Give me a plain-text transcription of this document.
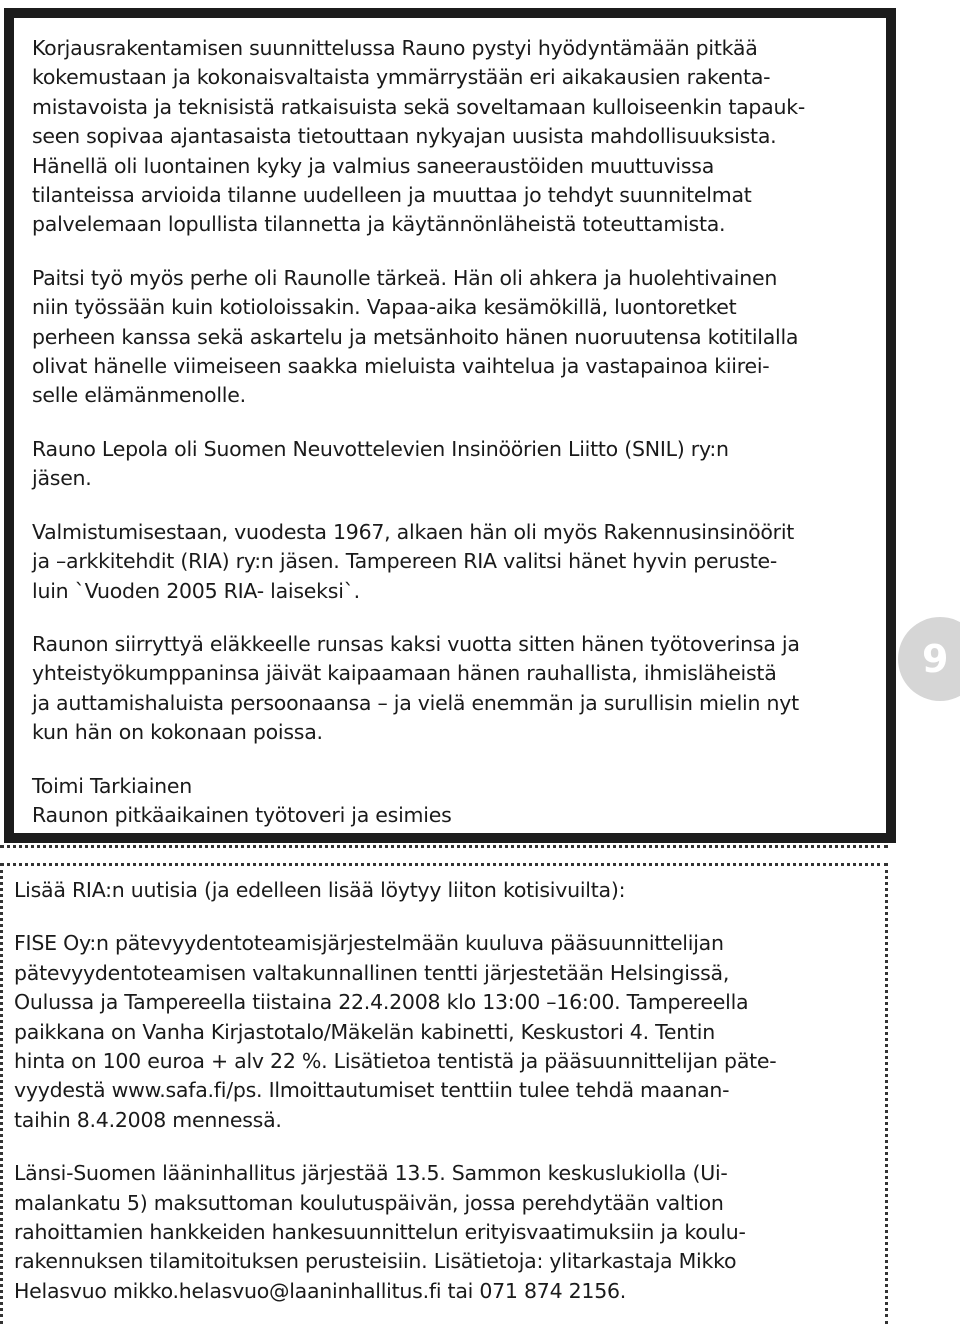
Korjausrakentamisen suunnittelussa Rauno pystyi hyödyntämään pitkää
kokemustaan ja kokonaisvaltaista ymmärrystään eri aikakausien rakenta-
mistavoista ja teknisistä ratkaisuista sekä soveltamaan kulloiseenkin tapauk-
seen sopivaa ajantasaista tietouttaan nykyajan uusista mahdollisuuksista.
Hänellä oli luontainen kyky ja valmius saneeraustöiden muuttuvissa
tilanteissa arvioida tilanne uudelleen ja muuttaa jo tehdyt suunnitelmat
palvelemaan lopullista tilannetta ja käytännönläheistä toteuttamista.

Paitsi työ myös perhe oli Raunolle tärkeä. Hän oli ahkera ja huolehtivainen
niin työssään kuin kotioloissakin. Vapaa-aika kesämökillä, luontoretket
perheen kanssa sekä askartelu ja metsänhoito hänen nuoruutensa kotitilalla
olivat hänelle viimeiseen saakka mieluista vaihtelua ja vastapainoa kiirei-
selle elämänmenolle.

Rauno Lepola oli Suomen Neuvottelevien Insinöörien Liitto (SNIL) ry:n
jäsen.

Valmistumisestaan, vuodesta 1967, alkaen hän oli myös Rakennusinsinöörit
ja –arkkitehdit (RIA) ry:n jäsen. Tampereen RIA valitsi hänet hyvin peruste-
luin `Vuoden 2005 RIA- laiseksi`.

Raunon siirryttyä eläkkeelle runsas kaksi vuotta sitten hänen työtoverinsa ja
yhteistyökumppaninsa jäivät kaipaamaan hänen rauhallista, ihmisläheistä
ja auttamishaluista persoonaansa – ja vielä enemmän ja surullisin mielin nyt
kun hän on kokonaan poissa.

Toimi Tarkiainen
Raunon pitkäaikainen työtoveri ja esimies

9

Lisää RIA:n uutisia (ja edelleen lisää löytyy liiton kotisivuilta):

FISE Oy:n pätevyydentoteamisjärjestelmään kuuluva pääsuunnittelijan
pätevyydentoteamisen valtakunnallinen tentti järjestetään Helsingissä,
Oulussa ja Tampereella tiistaina 22.4.2008 klo 13:00 –16:00. Tampereella
paikkana on Vanha Kirjastotalo/Mäkelän kabinetti, Keskustori 4. Tentin
hinta on 100 euroa + alv 22 %. Lisätietoa tentistä ja pääsuunnittelijan päte-
vyydestä www.safa.fi/ps. Ilmoittautumiset tenttiin tulee tehdä maanan-
taihin 8.4.2008 mennessä.

Länsi-Suomen lääninhallitus järjestää 13.5. Sammon keskuslukiolla (Ui-
malankatu 5) maksuttoman koulutuspäivän, jossa perehdytään valtion
rahoittamien hankkeiden hankesuunnittelun erityisvaatimuksiin ja koulu-
rakennuksen tilamitoituksen perusteisiin. Lisätietoja: ylitarkastaja Mikko
Helasvuo mikko.helasvuo@laaninhallitus.fi tai 071 874 2156.
